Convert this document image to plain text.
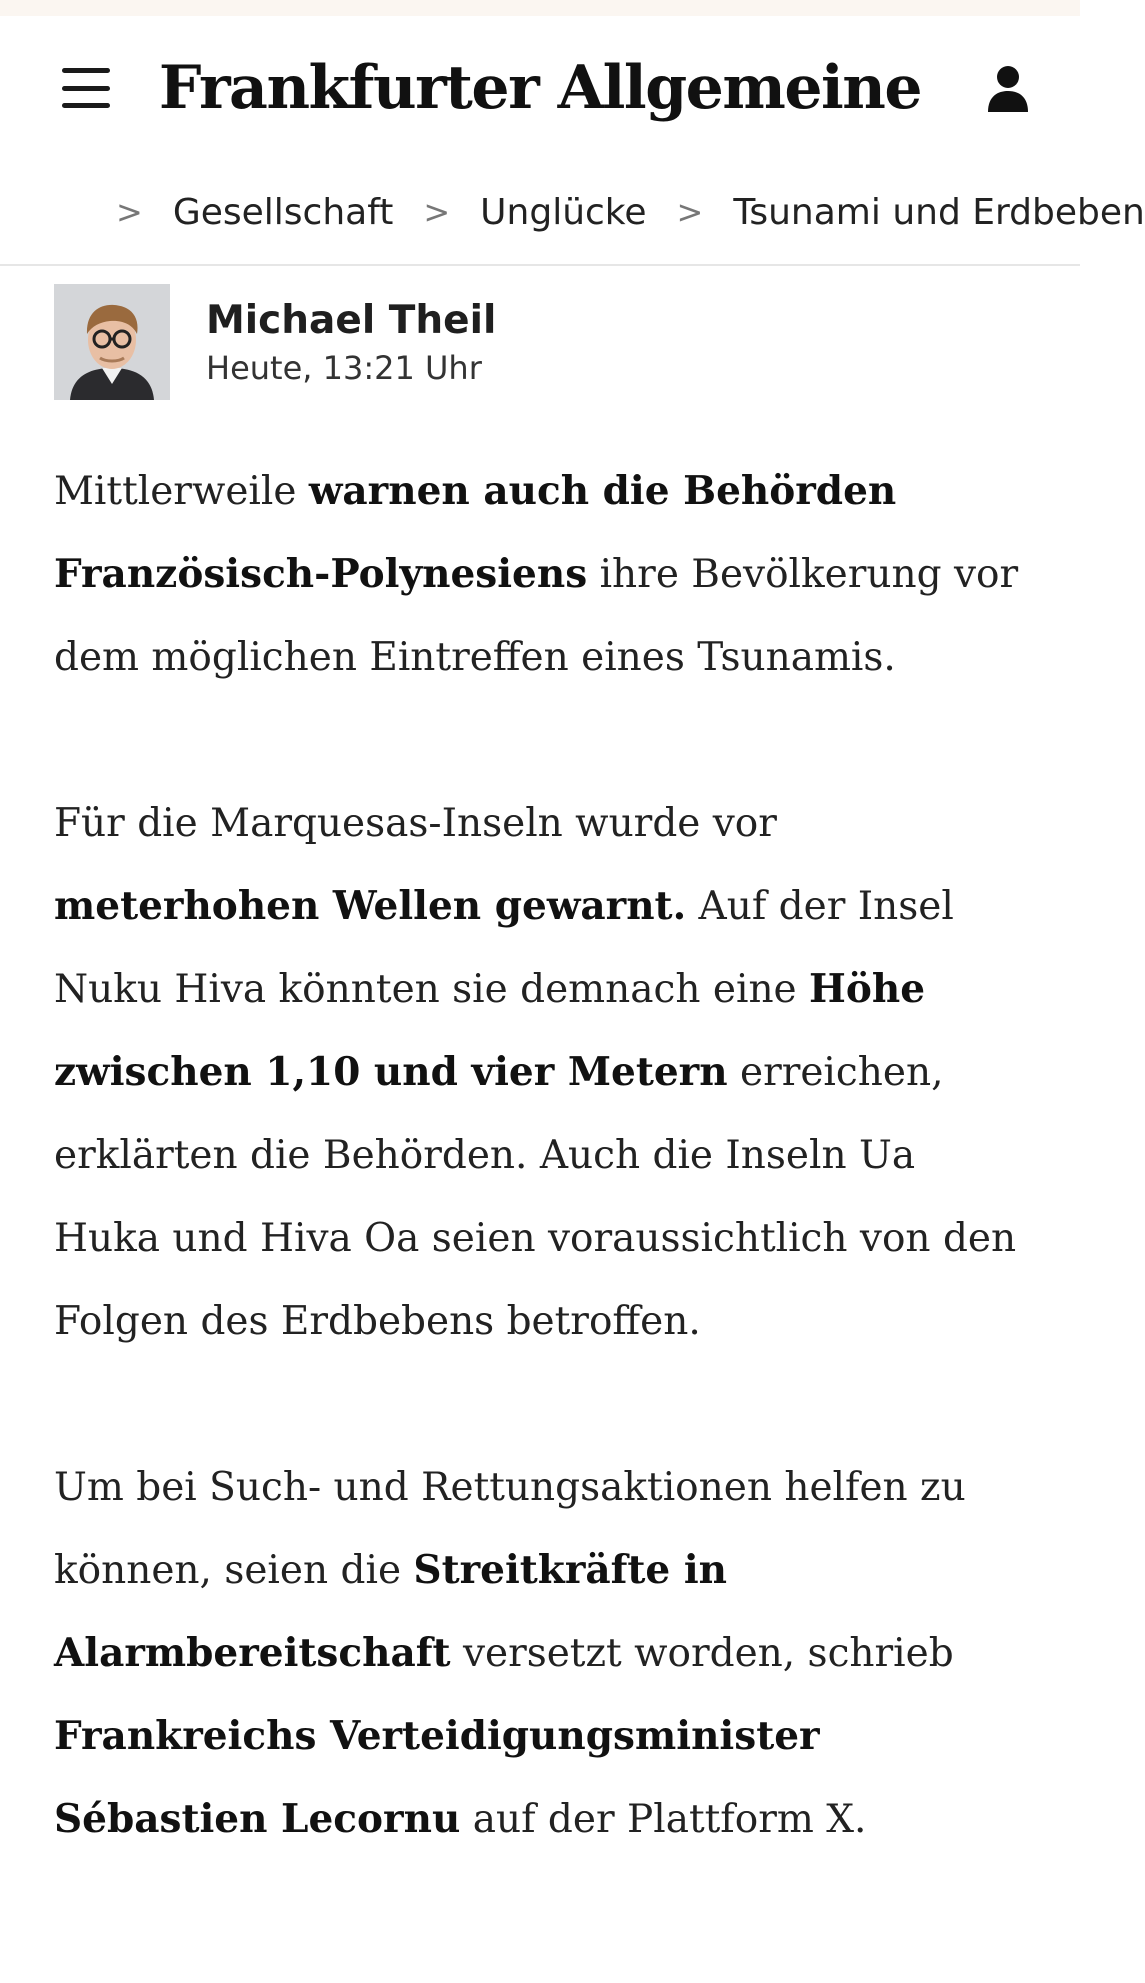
Frankfurter Allgemeine
> Gesellschaft > Unglücke > Tsunami und Erdbeben
Michael Theil
Heute, 13:21 Uhr

Mittlerweile warnen auch die Behörden Französisch-Polynesiens ihre Bevölkerung vor dem möglichen Eintreffen eines Tsunamis.

Für die Marquesas-Inseln wurde vor meterhohen Wellen gewarnt. Auf der Insel Nuku Hiva könnten sie demnach eine Höhe zwischen 1,10 und vier Metern erreichen, erklärten die Behörden. Auch die Inseln Ua Huka und Hiva Oa seien voraussichtlich von den Folgen des Erdbebens betroffen.

Um bei Such- und Rettungsaktionen helfen zu können, seien die Streitkräfte in Alarmbereitschaft versetzt worden, schrieb Frankreichs Verteidigungsminister Sébastien Lecornu auf der Plattform X.
